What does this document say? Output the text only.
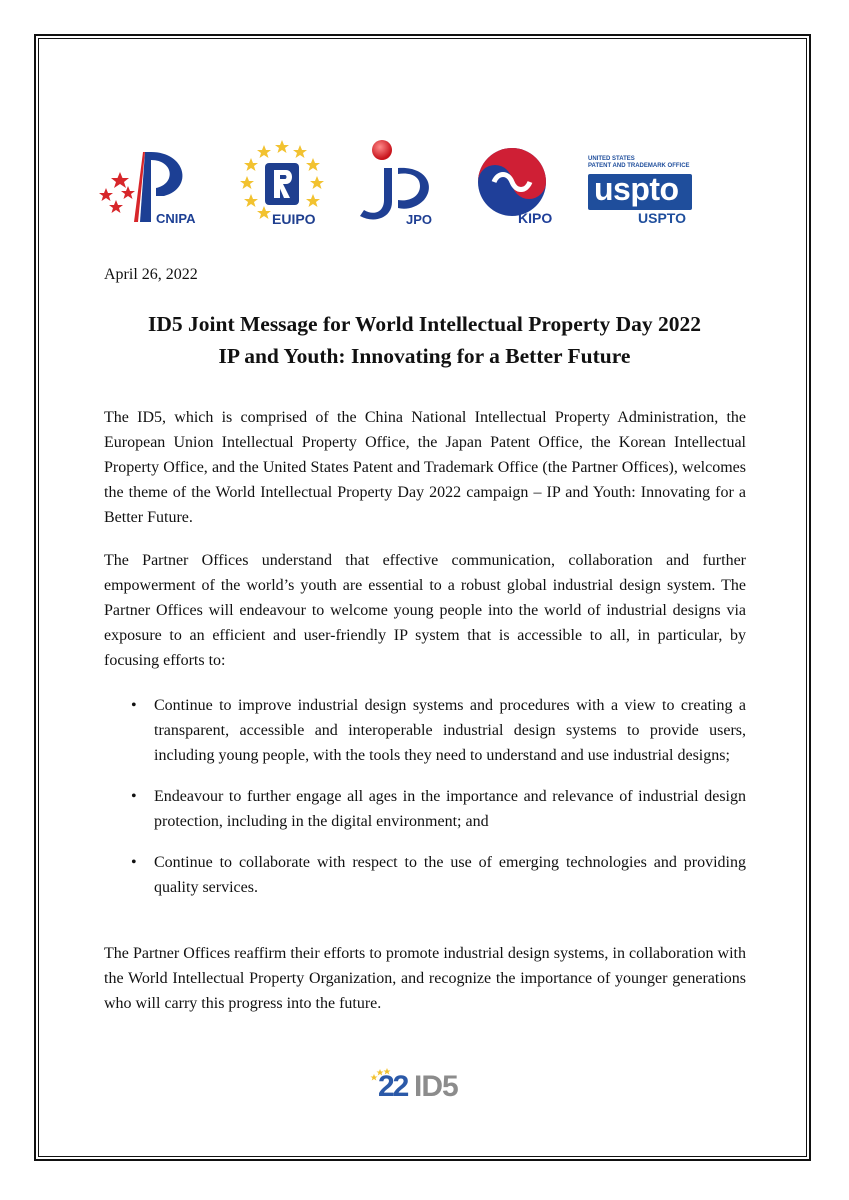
CNIPA	EUIPO	JPO	KIPO
UNITED STATES
PATENT AND TRADEMARK OFFICE
uspto
USPTO
April 26, 2022
ID5 Joint Message for World Intellectual Property Day 2022
IP and Youth: Innovating for a Better Future
The ID5, which is comprised of the China National Intellectual Property Administration, the European Union Intellectual Property Office, the Japan Patent Office, the Korean Intellectual Property Office, and the United States Patent and Trademark Office (the Partner Offices), welcomes the theme of the World Intellectual Property Day 2022 campaign – IP and Youth: Innovating for a Better Future.
The Partner Offices understand that effective communication, collaboration and further empowerment of the world’s youth are essential to a robust global industrial design system. The Partner Offices will endeavour to welcome young people into the world of industrial designs via exposure to an efficient and user-friendly IP system that is accessible to all, in particular, by focusing efforts to:
• Continue to improve industrial design systems and procedures with a view to creating a transparent, accessible and interoperable industrial design systems to provide users, including young people, with the tools they need to understand and use industrial designs;
• Endeavour to further engage all ages in the importance and relevance of industrial design protection, including in the digital environment; and
• Continue to collaborate with respect to the use of emerging technologies and providing quality services.
The Partner Offices reaffirm their efforts to promote industrial design systems, in collaboration with the World Intellectual Property Organization, and recognize the importance of younger generations who will carry this progress into the future.
22 ID5
